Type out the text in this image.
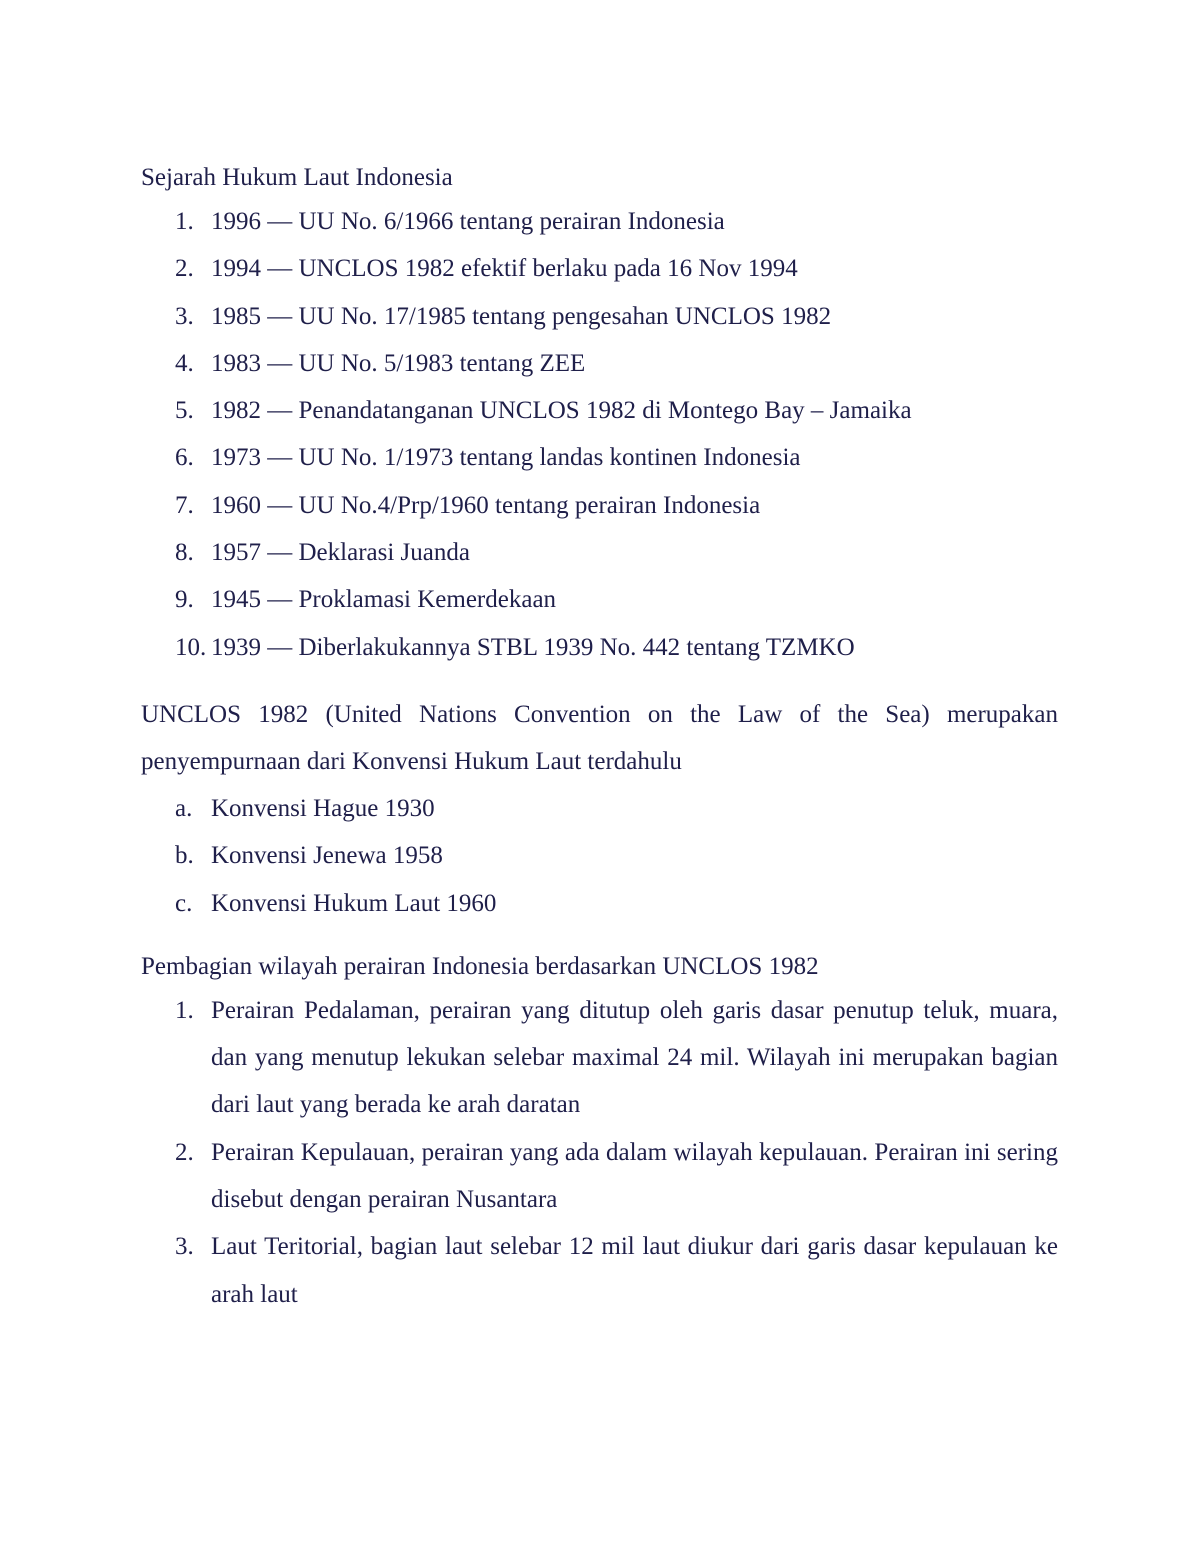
Sejarah Hukum Laut Indonesia

1. 1996 — UU No. 6/1966 tentang perairan Indonesia
2. 1994 — UNCLOS 1982 efektif berlaku pada 16 Nov 1994
3. 1985 — UU No. 17/1985 tentang pengesahan UNCLOS 1982
4. 1983 — UU No. 5/1983 tentang ZEE
5. 1982 — Penandatanganan UNCLOS 1982 di Montego Bay – Jamaika
6. 1973 — UU No. 1/1973 tentang landas kontinen Indonesia
7. 1960 — UU No.4/Prp/1960 tentang perairan Indonesia
8. 1957 — Deklarasi Juanda
9. 1945 — Proklamasi Kemerdekaan
10. 1939 — Diberlakukannya STBL 1939 No. 442 tentang TZMKO

UNCLOS 1982 (United Nations Convention on the Law of the Sea) merupakan penyempurnaan dari Konvensi Hukum Laut terdahulu

a. Konvensi Hague 1930
b. Konvensi Jenewa 1958
c. Konvensi Hukum Laut 1960

Pembagian wilayah perairan Indonesia berdasarkan UNCLOS 1982

1. Perairan Pedalaman, perairan yang ditutup oleh garis dasar penutup teluk, muara, dan yang menutup lekukan selebar maximal 24 mil. Wilayah ini merupakan bagian dari laut yang berada ke arah daratan
2. Perairan Kepulauan, perairan yang ada dalam wilayah kepulauan. Perairan ini sering disebut dengan perairan Nusantara
3. Laut Teritorial, bagian laut selebar 12 mil laut diukur dari garis dasar kepulauan ke arah laut
